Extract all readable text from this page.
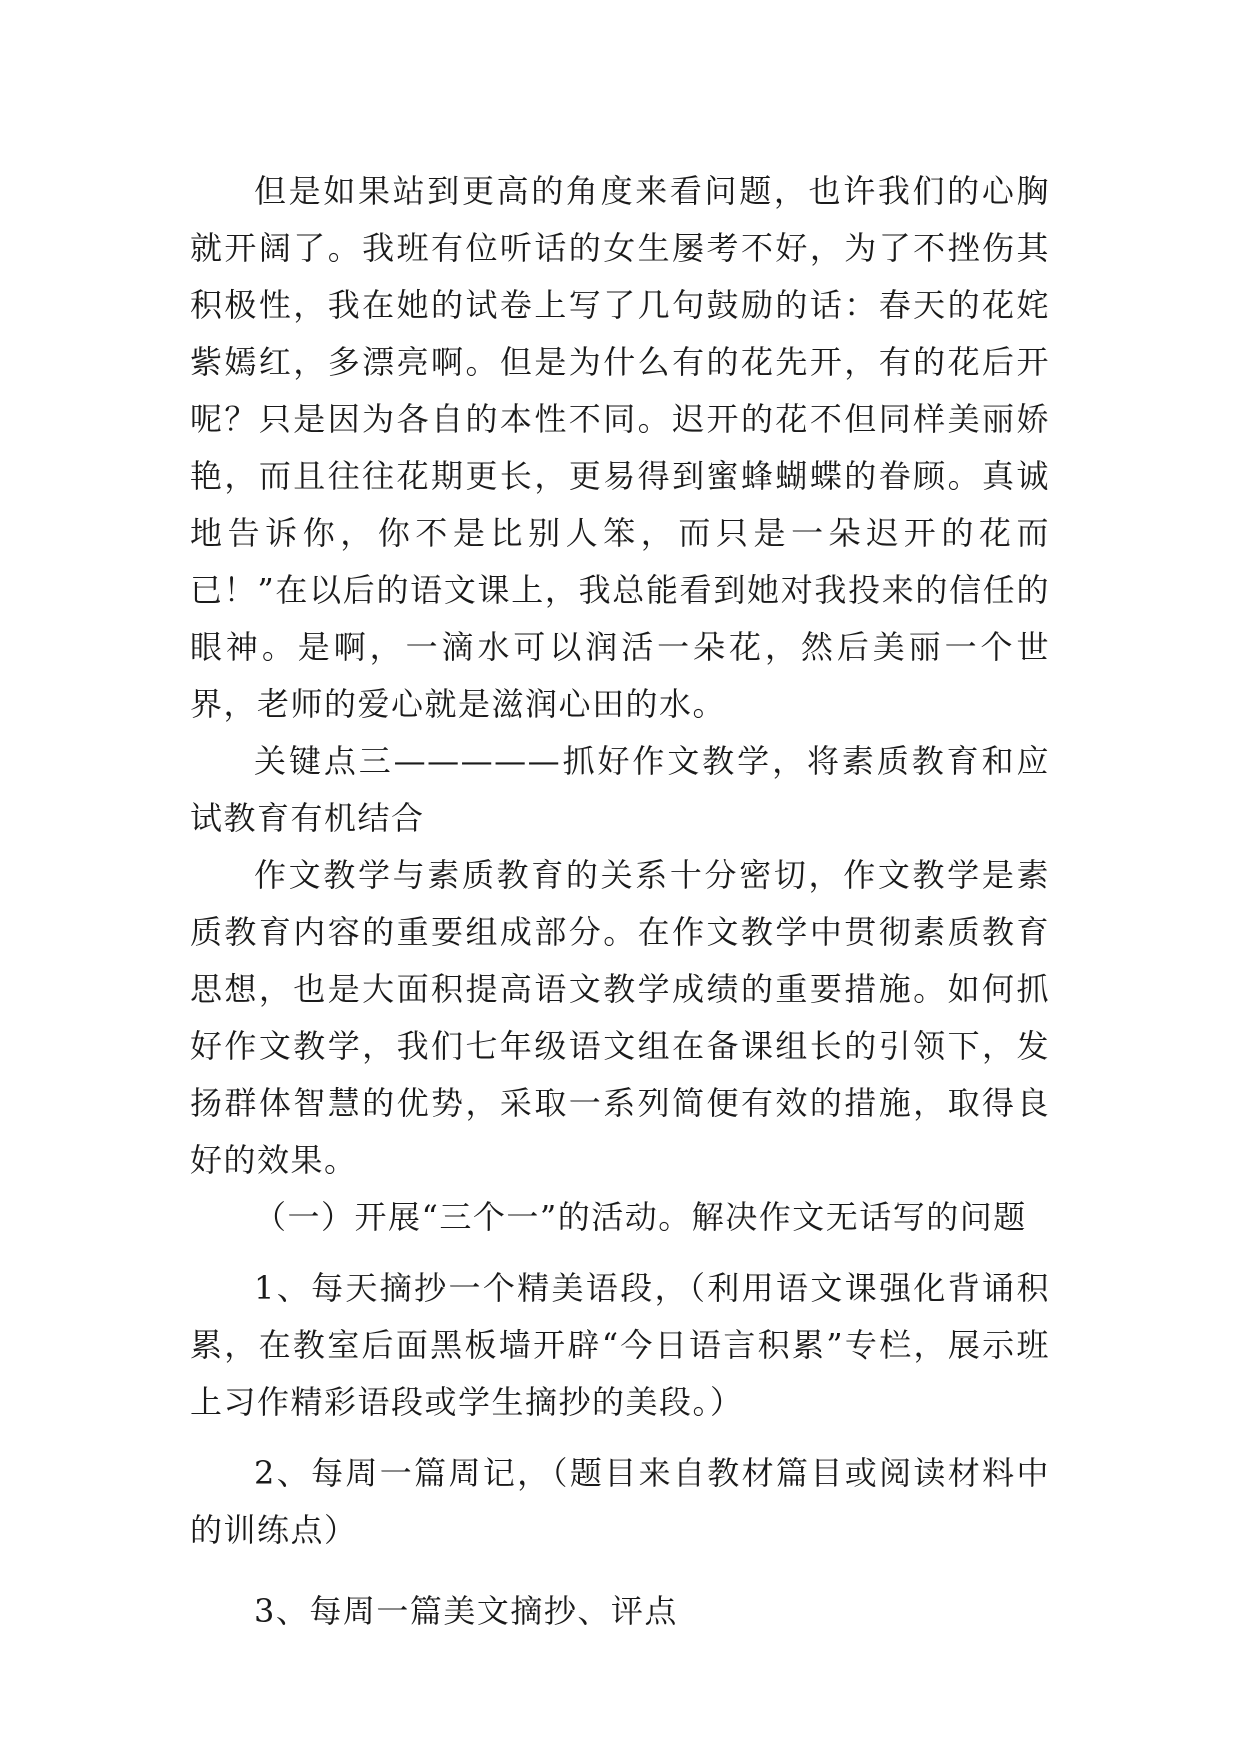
但是如果站到更高的角度来看问题，也许我们的心胸就开阔了。我班有位听话的女生屡考不好，为了不挫伤其积极性，我在她的试卷上写了几句鼓励的话：春天的花姹紫嫣红，多漂亮啊。但是为什么有的花先开，有的花后开呢？只是因为各自的本性不同。迟开的花不但同样美丽娇艳，而且往往花期更长，更易得到蜜蜂蝴蝶的眷顾。真诚地告诉你，你不是比别人笨，而只是一朵迟开的花而已！”在以后的语文课上，我总能看到她对我投来的信任的眼神。是啊，一滴水可以润活一朵花，然后美丽一个世界，老师的爱心就是滋润心田的水。

关键点三—————抓好作文教学，将素质教育和应试教育有机结合

作文教学与素质教育的关系十分密切，作文教学是素质教育内容的重要组成部分。在作文教学中贯彻素质教育思想，也是大面积提高语文教学成绩的重要措施。如何抓好作文教学，我们七年级语文组在备课组长的引领下，发扬群体智慧的优势，采取一系列简便有效的措施，取得良好的效果。

（一）开展“三个一”的活动。解决作文无话写的问题

1、每天摘抄一个精美语段，（利用语文课强化背诵积累，在教室后面黑板墙开辟“今日语言积累”专栏，展示班上习作精彩语段或学生摘抄的美段。）

2、每周一篇周记，（题目来自教材篇目或阅读材料中的训练点）

3、每周一篇美文摘抄、评点
